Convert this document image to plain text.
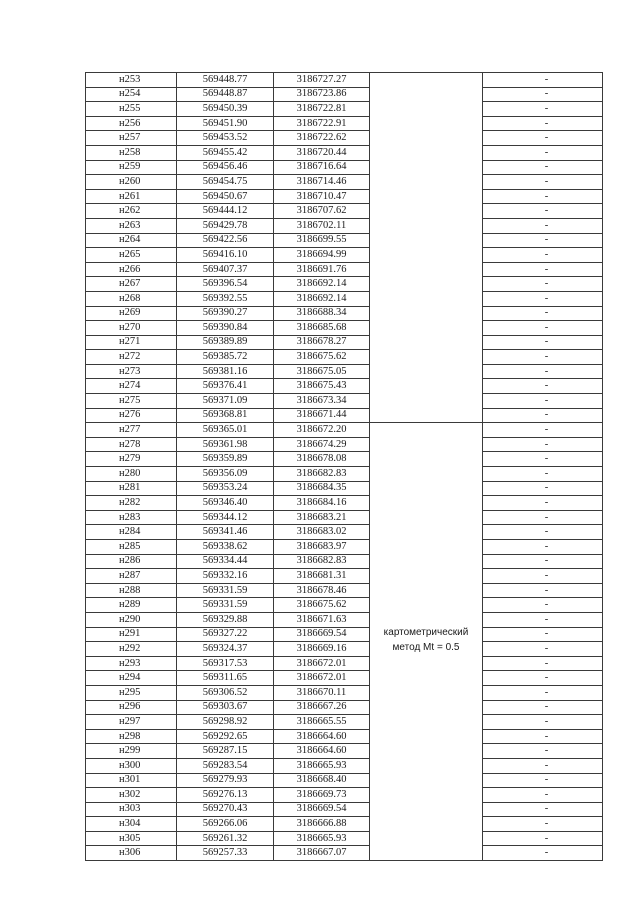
н253	569448.77	3186727.27		-
н254	569448.87	3186723.86		-
н255	569450.39	3186722.81		-
н256	569451.90	3186722.91		-
н257	569453.52	3186722.62		-
н258	569455.42	3186720.44		-
н259	569456.46	3186716.64		-
н260	569454.75	3186714.46		-
н261	569450.67	3186710.47		-
н262	569444.12	3186707.62		-
н263	569429.78	3186702.11		-
н264	569422.56	3186699.55		-
н265	569416.10	3186694.99		-
н266	569407.37	3186691.76		-
н267	569396.54	3186692.14		-
н268	569392.55	3186692.14		-
н269	569390.27	3186688.34		-
н270	569390.84	3186685.68		-
н271	569389.89	3186678.27		-
н272	569385.72	3186675.62		-
н273	569381.16	3186675.05		-
н274	569376.41	3186675.43		-
н275	569371.09	3186673.34		-
н276	569368.81	3186671.44		-
н277	569365.01	3186672.20		-
н278	569361.98	3186674.29		-
н279	569359.89	3186678.08		-
н280	569356.09	3186682.83		-
н281	569353.24	3186684.35		-
н282	569346.40	3186684.16		-
н283	569344.12	3186683.21		-
н284	569341.46	3186683.02		-
н285	569338.62	3186683.97		-
н286	569334.44	3186682.83		-
н287	569332.16	3186681.31		-
н288	569331.59	3186678.46		-
н289	569331.59	3186675.62		-
н290	569329.88	3186671.63		-
н291	569327.22	3186669.54	картометрический	-
н292	569324.37	3186669.16	метод Mt = 0.5	-
н293	569317.53	3186672.01		-
н294	569311.65	3186672.01		-
н295	569306.52	3186670.11		-
н296	569303.67	3186667.26		-
н297	569298.92	3186665.55		-
н298	569292.65	3186664.60		-
н299	569287.15	3186664.60		-
н300	569283.54	3186665.93		-
н301	569279.93	3186668.40		-
н302	569276.13	3186669.73		-
н303	569270.43	3186669.54		-
н304	569266.06	3186666.88		-
н305	569261.32	3186665.93		-
н306	569257.33	3186667.07		-
